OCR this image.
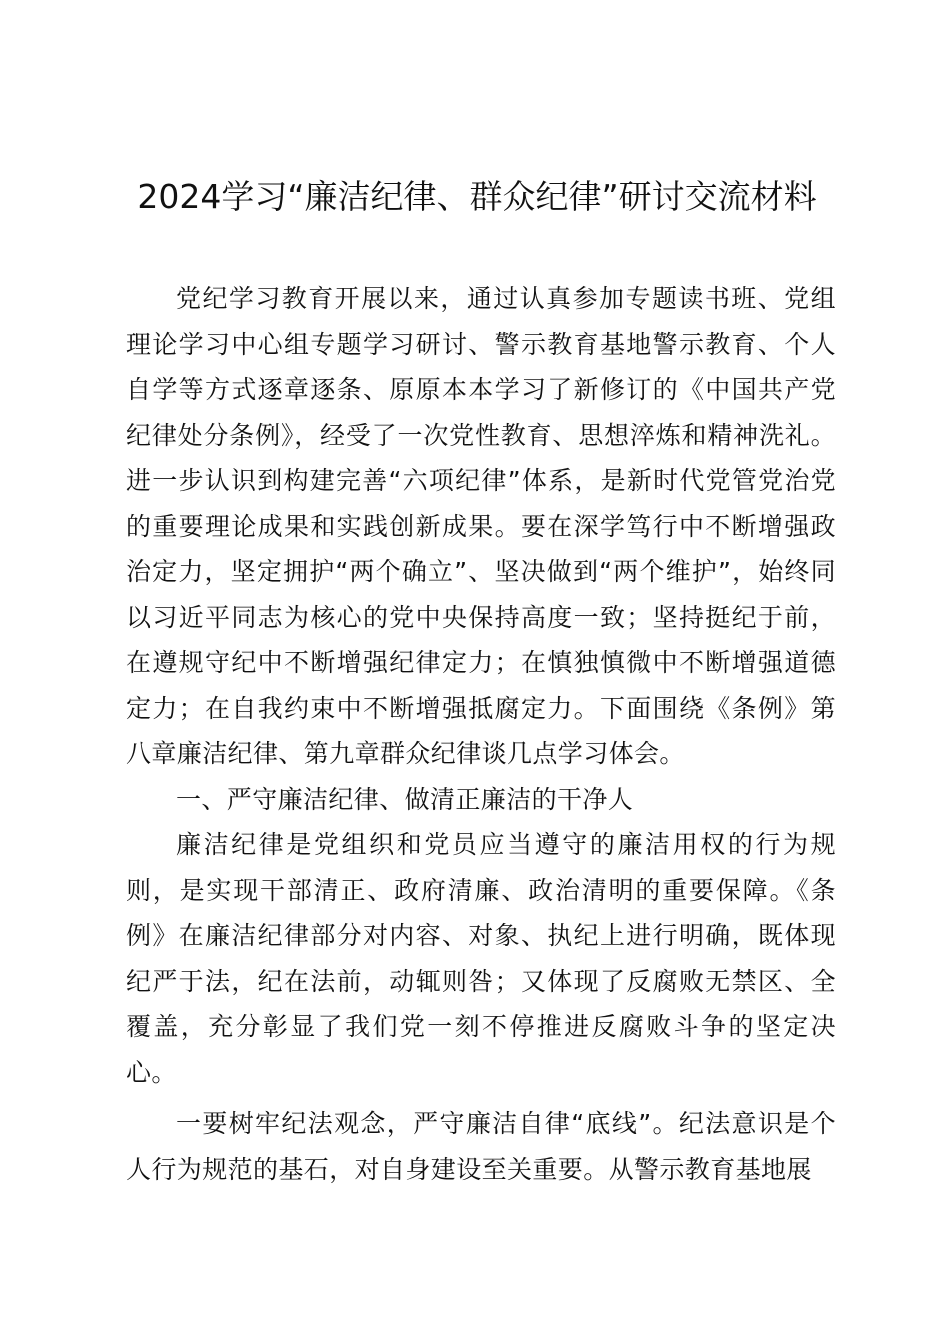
2024学习“廉洁纪律、群众纪律”研讨交流材料

党纪学习教育开展以来，通过认真参加专题读书班、党组理论学习中心组专题学习研讨、警示教育基地警示教育、个人自学等方式逐章逐条、原原本本学习了新修订的《中国共产党纪律处分条例》，经受了一次党性教育、思想淬炼和精神洗礼。进一步认识到构建完善“六项纪律”体系，是新时代党管党治党的重要理论成果和实践创新成果。要在深学笃行中不断增强政治定力，坚定拥护“两个确立”、坚决做到“两个维护”，始终同以习近平同志为核心的党中央保持高度一致；坚持挺纪于前，在遵规守纪中不断增强纪律定力；在慎独慎微中不断增强道德定力；在自我约束中不断增强抵腐定力。下面围绕《条例》第八章廉洁纪律、第九章群众纪律谈几点学习体会。

一、严守廉洁纪律、做清正廉洁的干净人

廉洁纪律是党组织和党员应当遵守的廉洁用权的行为规则，是实现干部清正、政府清廉、政治清明的重要保障。《条例》在廉洁纪律部分对内容、对象、执纪上进行明确，既体现纪严于法，纪在法前，动辄则咎；又体现了反腐败无禁区、全覆盖，充分彰显了我们党一刻不停推进反腐败斗争的坚定决心。

一要树牢纪法观念，严守廉洁自律“底线”。纪法意识是个人行为规范的基石，对自身建设至关重要。从警示教育基地展
